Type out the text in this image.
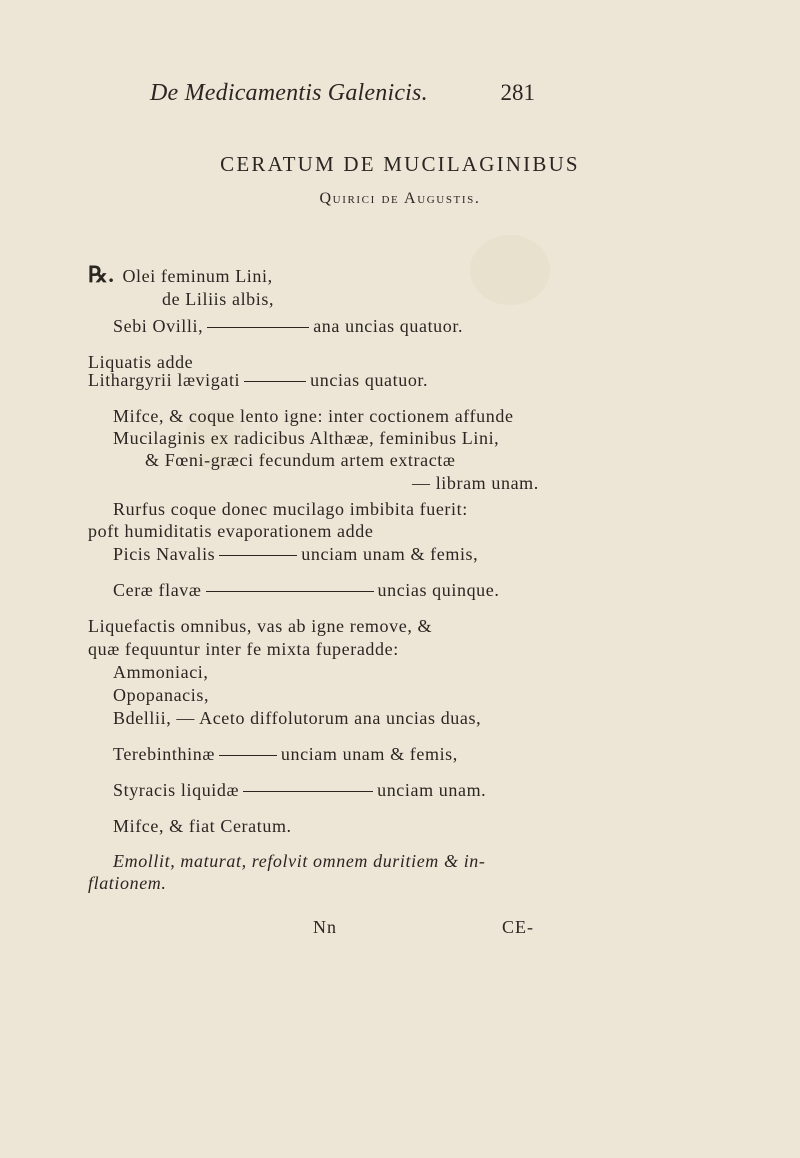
De Medicamentis Galenicis.	281
CERATUM DE MUCILAGINIBUS
Quirici de Augustis.
℞. Olei feminum Lini,
de Liliis albis,
Sebi Ovilli,	ana uncias quatuor.
Liquatis adde
Lithargyrii lævigati	uncias quatuor.
Mifce, & coque lento igne: inter coctionem affunde
Mucilaginis ex radicibus Althææ, feminibus Lini,
& Fœni-græci fecundum artem extractæ
— libram unam.
Rurfus coque donec mucilago imbibita fuerit:
poft humiditatis evaporationem adde
Picis Navalis	unciam unam & femis,
Ceræ flavæ	uncias quinque.
Liquefactis omnibus, vas ab igne remove, &
quæ fequuntur inter fe mixta fuperadde:
Ammoniaci,
Opopanacis,
Bdellii, — Aceto diffolutorum ana uncias duas,
Terebinthinæ	unciam unam & femis,
Styracis liquidæ	unciam unam.
Mifce, & fiat Ceratum.
Emollit, maturat, refolvit omnem duritiem & in-
flationem.
Nn	CE-
